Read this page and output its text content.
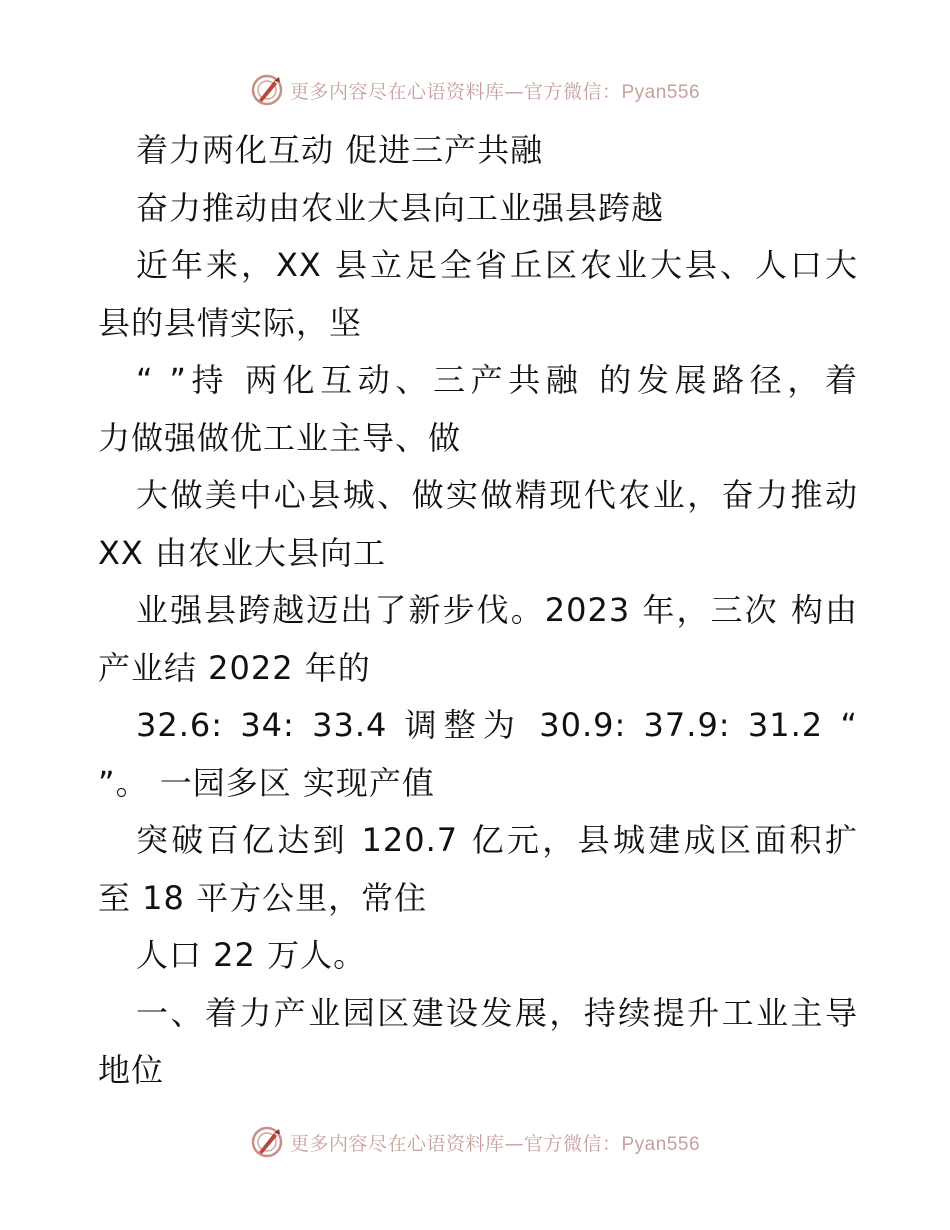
更多内容尽在心语资料库—官方微信：Pyan556
着力两化互动 促进三产共融
奋力推动由农业大县向工业强县跨越
近年来，XX 县立足全省丘区农业大县、人口大
县的县情实际，坚
“ ”持 两化互动、三产共融 的发展路径，着
力做强做优工业主导、做
大做美中心县城、做实做精现代农业，奋力推动
XX 由农业大县向工
业强县跨越迈出了新步伐。2023 年，三次 构由
产业结 2022 年的
32.6: 34: 33.4 调整为 30.9: 37.9: 31.2 “
”。 一园多区 实现产值
突破百亿达到 120.7 亿元，县城建成区面积扩
至 18 平方公里，常住
人口 22 万人。
一、着力产业园区建设发展，持续提升工业主导
地位
更多内容尽在心语资料库—官方微信：Pyan556
